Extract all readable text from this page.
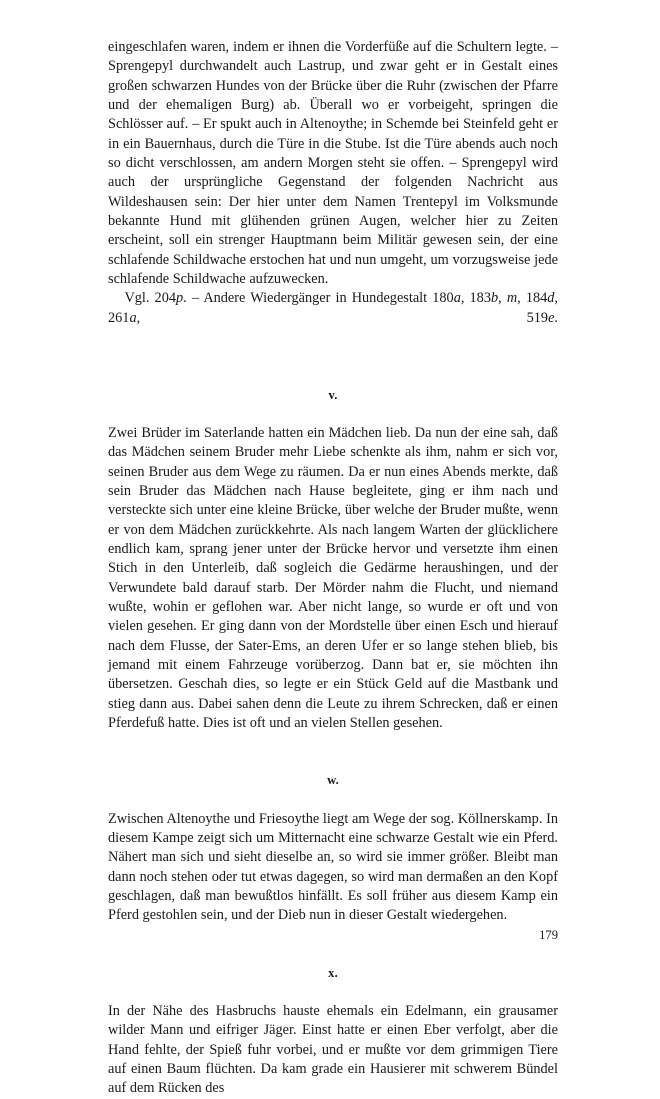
eingeschlafen waren, indem er ihnen die Vorderfüße auf die Schultern legte. – Sprengepyl durchwandelt auch Lastrup, und zwar geht er in Gestalt eines großen schwarzen Hundes von der Brücke über die Ruhr (zwischen der Pfarre und der ehemaligen Burg) ab. Überall wo er vorbeigeht, springen die Schlösser auf. – Er spukt auch in Altenoythe; in Schemde bei Steinfeld geht er in ein Bauernhaus, durch die Türe in die Stube. Ist die Türe abends auch noch so dicht verschlossen, am andern Morgen steht sie offen. – Sprengepyl wird auch der ursprüngliche Gegenstand der folgenden Nachricht aus Wildeshausen sein: Der hier unter dem Namen Trentepyl im Volksmunde bekannte Hund mit glühenden grünen Augen, welcher hier zu Zeiten erscheint, soll ein strenger Hauptmann beim Militär gewesen sein, der eine schlafende Schildwache erstochen hat und nun umgeht, um vorzugsweise jede schlafende Schildwache aufzuwecken.

Vgl. 204p. – Andere Wiedergänger in Hundegestalt 180a, 183b, m, 184d, 261a, 519e.

v.

Zwei Brüder im Saterlande hatten ein Mädchen lieb. Da nun der eine sah, daß das Mädchen seinem Bruder mehr Liebe schenkte als ihm, nahm er sich vor, seinen Bruder aus dem Wege zu räumen. Da er nun eines Abends merkte, daß sein Bruder das Mädchen nach Hause begleitete, ging er ihm nach und versteckte sich unter eine kleine Brücke, über welche der Bruder mußte, wenn er von dem Mädchen zurückkehrte. Als nach langem Warten der glücklichere endlich kam, sprang jener unter der Brücke hervor und versetzte ihm einen Stich in den Unterleib, daß sogleich die Gedärme heraushingen, und der Verwundete bald darauf starb. Der Mörder nahm die Flucht, und niemand wußte, wohin er geflohen war. Aber nicht lange, so wurde er oft und von vielen gesehen. Er ging dann von der Mordstelle über einen Esch und hierauf nach dem Flusse, der Sater-Ems, an deren Ufer er so lange stehen blieb, bis jemand mit einem Fahrzeuge vorüberzog. Dann bat er, sie möchten ihn übersetzen. Geschah dies, so legte er ein Stück Geld auf die Mastbank und stieg dann aus. Dabei sahen denn die Leute zu ihrem Schrecken, daß er einen Pferdefuß hatte. Dies ist oft und an vielen Stellen gesehen.

w.

Zwischen Altenoythe und Friesoythe liegt am Wege der sog. Köllnerskamp. In diesem Kampe zeigt sich um Mitternacht eine schwarze Gestalt wie ein Pferd. Nähert man sich und sieht dieselbe an, so wird sie immer größer. Bleibt man dann noch stehen oder tut etwas dagegen, so wird man dermaßen an den Kopf geschlagen, daß man bewußtlos hinfällt. Es soll früher aus diesem Kamp ein Pferd gestohlen sein, und der Dieb nun in dieser Gestalt wiedergehen.

x.

In der Nähe des Hasbruchs hauste ehemals ein Edelmann, ein grausamer wilder Mann und eifriger Jäger. Einst hatte er einen Eber verfolgt, aber die Hand fehlte, der Spieß fuhr vorbei, und er mußte vor dem grimmigen Tiere auf einen Baum flüchten. Da kam grade ein Hausierer mit schwerem Bündel auf dem Rücken des

179
